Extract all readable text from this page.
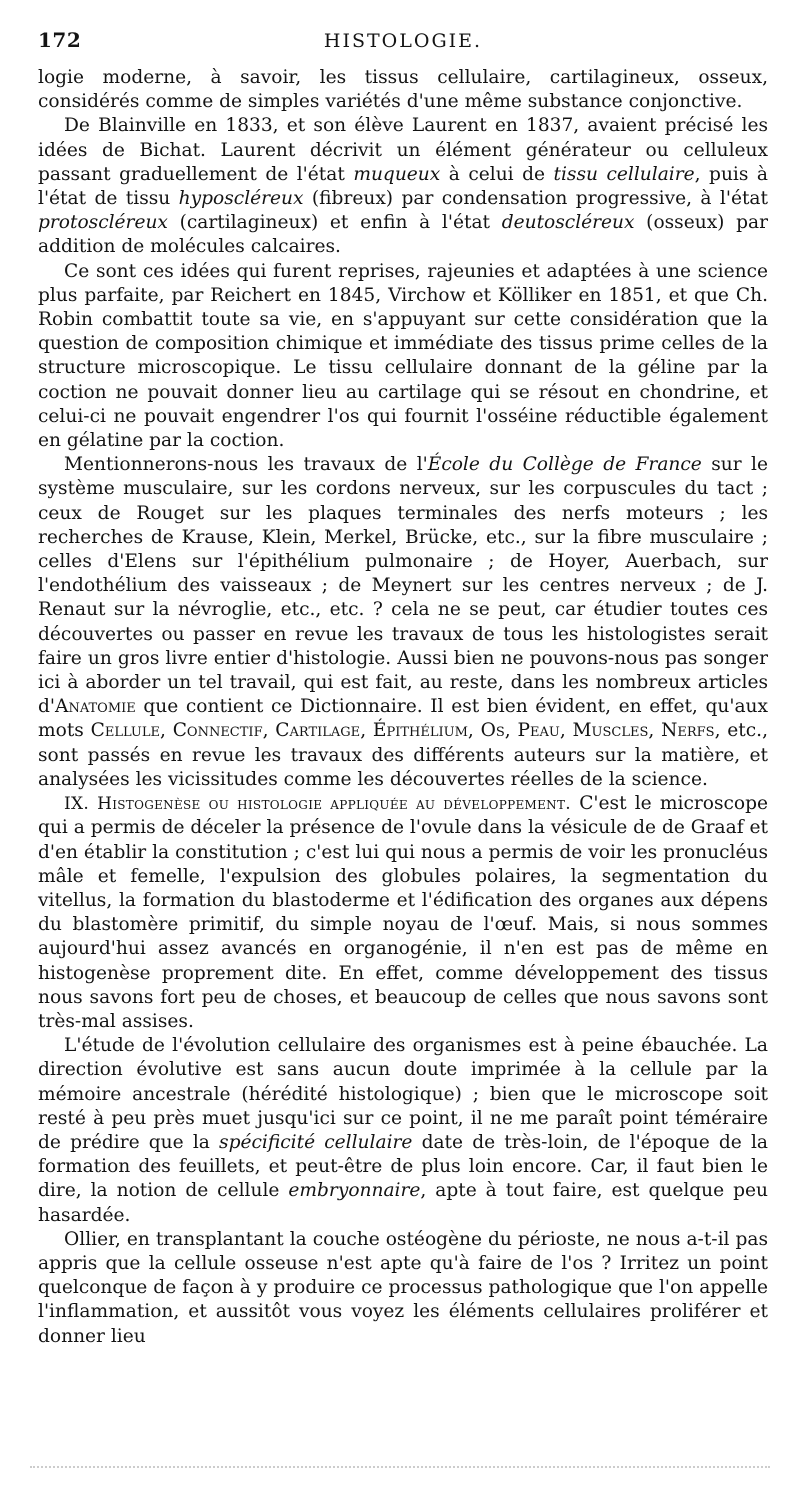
172	HISTOLOGIE.

logie moderne, à savoir, les tissus cellulaire, cartilagineux, osseux, considérés comme de simples variétés d'une même substance conjonctive.

De Blainville en 1833, et son élève Laurent en 1837, avaient précisé les idées de Bichat. Laurent décrivit un élément générateur ou celluleux passant graduellement de l'état muqueux à celui de tissu cellulaire, puis à l'état de tissu hyposcléreux (fibreux) par condensation progressive, à l'état protoscléreux (cartilagineux) et enfin à l'état deutoscléreux (osseux) par addition de molécules calcaires.

Ce sont ces idées qui furent reprises, rajeunies et adaptées à une science plus parfaite, par Reichert en 1845, Virchow et Kölliker en 1851, et que Ch. Robin combattit toute sa vie, en s'appuyant sur cette considération que la question de composition chimique et immédiate des tissus prime celles de la structure microscopique. Le tissu cellulaire donnant de la géline par la coction ne pouvait donner lieu au cartilage qui se résout en chondrine, et celui-ci ne pouvait engendrer l'os qui fournit l'osséine réductible également en gélatine par la coction.

Mentionnerons-nous les travaux de l'École du Collège de France sur le système musculaire, sur les cordons nerveux, sur les corpuscules du tact ; ceux de Rouget sur les plaques terminales des nerfs moteurs ; les recherches de Krause, Klein, Merkel, Brücke, etc., sur la fibre musculaire ; celles d'Elens sur l'épithélium pulmonaire ; de Hoyer, Auerbach, sur l'endothélium des vaisseaux ; de Meynert sur les centres nerveux ; de J. Renaut sur la névroglie, etc., etc. ? cela ne se peut, car étudier toutes ces découvertes ou passer en revue les travaux de tous les histologistes serait faire un gros livre entier d'histologie. Aussi bien ne pouvons-nous pas songer ici à aborder un tel travail, qui est fait, au reste, dans les nombreux articles d'Anatomie que contient ce Dictionnaire. Il est bien évident, en effet, qu'aux mots Cellule, Connectif, Cartilage, Épithélium, Os, Peau, Muscles, Nerfs, etc., sont passés en revue les travaux des différents auteurs sur la matière, et analysées les vicissitudes comme les découvertes réelles de la science.

IX. Histogenèse ou histologie appliquée au développement. C'est le microscope qui a permis de déceler la présence de l'ovule dans la vésicule de de Graaf et d'en établir la constitution ; c'est lui qui nous a permis de voir les pronucléus mâle et femelle, l'expulsion des globules polaires, la segmentation du vitellus, la formation du blastoderme et l'édification des organes aux dépens du blastomère primitif, du simple noyau de l'œuf. Mais, si nous sommes aujourd'hui assez avancés en organogénie, il n'en est pas de même en histogenèse proprement dite. En effet, comme développement des tissus nous savons fort peu de choses, et beaucoup de celles que nous savons sont très-mal assises.

L'étude de l'évolution cellulaire des organismes est à peine ébauchée. La direction évolutive est sans aucun doute imprimée à la cellule par la mémoire ancestrale (hérédité histologique) ; bien que le microscope soit resté à peu près muet jusqu'ici sur ce point, il ne me paraît point téméraire de prédire que la spécificité cellulaire date de très-loin, de l'époque de la formation des feuillets, et peut-être de plus loin encore. Car, il faut bien le dire, la notion de cellule embryonnaire, apte à tout faire, est quelque peu hasardée.

Ollier, en transplantant la couche ostéogène du périoste, ne nous a-t-il pas appris que la cellule osseuse n'est apte qu'à faire de l'os ? Irritez un point quelconque de façon à y produire ce processus pathologique que l'on appelle l'inflammation, et aussitôt vous voyez les éléments cellulaires proliférer et donner lieu
